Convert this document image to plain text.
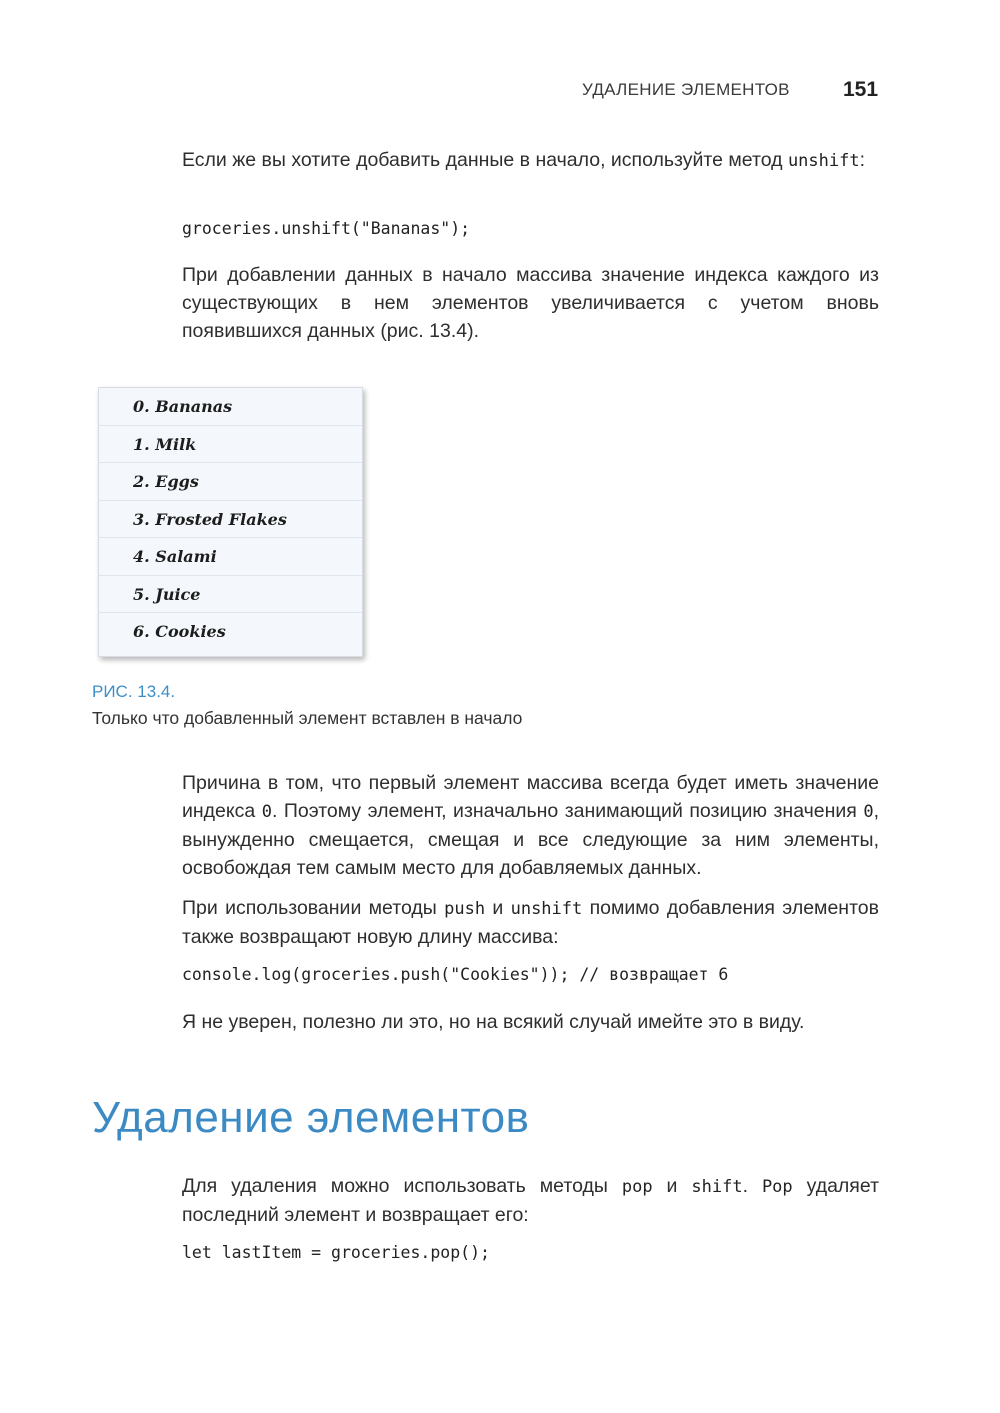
УДАЛЕНИЕ ЭЛЕМЕНТОВ	151

Если же вы хотите добавить данные в начало, используйте метод unshift:

groceries.unshift("Bananas");

При добавлении данных в начало массива значение индекса каждого из существующих в нем элементов увеличивается с учетом вновь появившихся данных (рис. 13.4).

0. Bananas
1. Milk
2. Eggs
3. Frosted Flakes
4. Salami
5. Juice
6. Cookies
РИС. 13.4.
Только что добавленный элемент вставлен в начало

Причина в том, что первый элемент массива всегда будет иметь значение индекса 0. Поэтому элемент, изначально занимающий позицию значения 0, вынужденно смещается, смещая и все следующие за ним элементы, освобождая тем самым место для добавляемых данных.

При использовании методы push и unshift помимо добавления элементов также возвращают новую длину массива:

console.log(groceries.push("Cookies")); // возвращает 6

Я не уверен, полезно ли это, но на всякий случай имейте это в виду.

Удаление элементов

Для удаления можно использовать методы pop и shift. Pop удаляет последний элемент и возвращает его:

let lastItem = groceries.pop();
